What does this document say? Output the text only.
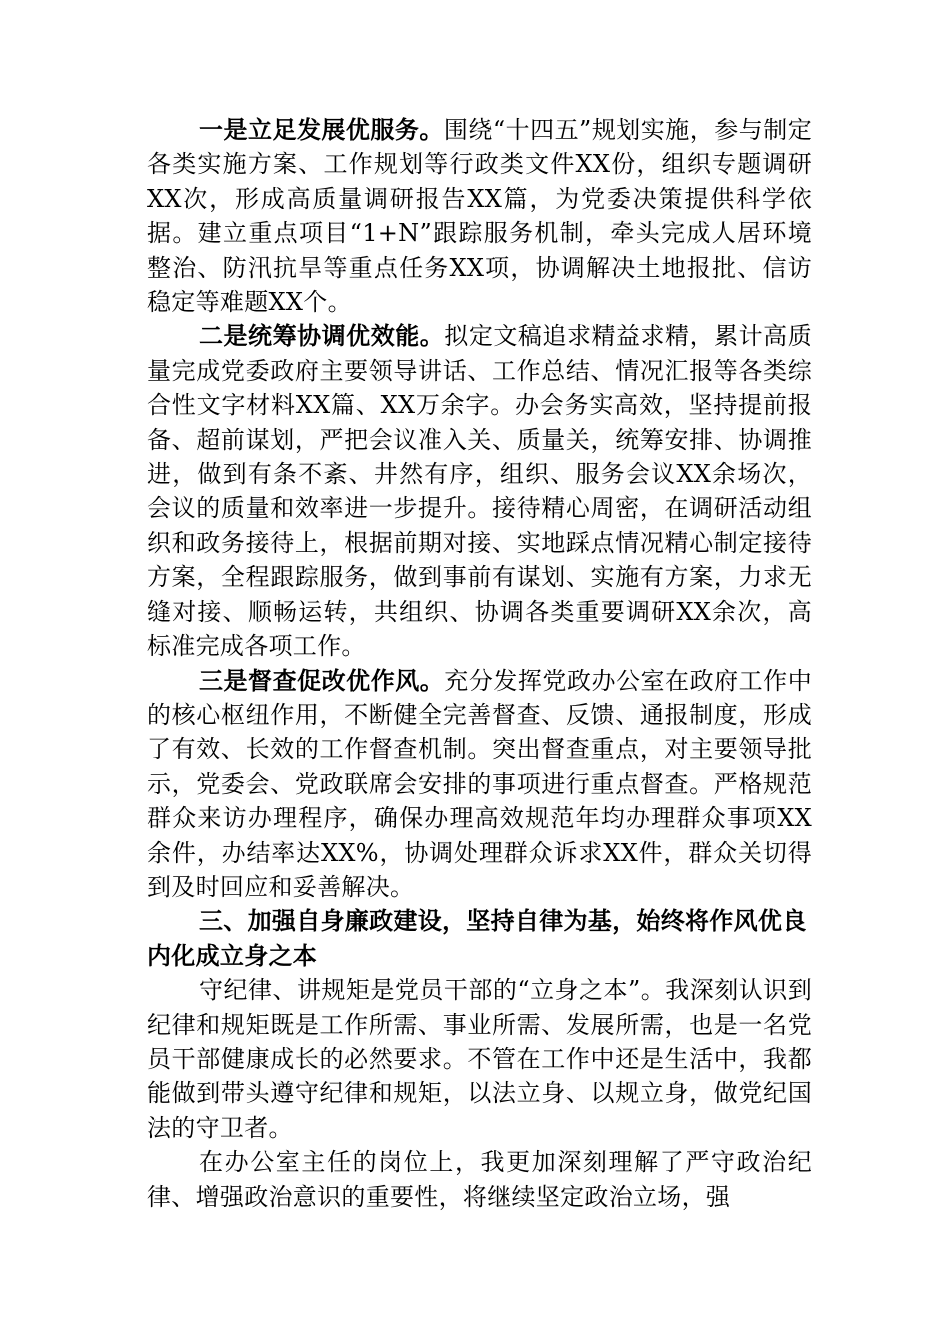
一是立足发展优服务。围绕“十四五”规划实施，参与制定各类实施方案、工作规划等行政类文件XX份，组织专题调研XX次，形成高质量调研报告XX篇，为党委决策提供科学依据。建立重点项目“1+N”跟踪服务机制，牵头完成人居环境整治、防汛抗旱等重点任务XX项，协调解决土地报批、信访稳定等难题XX个。

二是统筹协调优效能。拟定文稿追求精益求精，累计高质量完成党委政府主要领导讲话、工作总结、情况汇报等各类综合性文字材料XX篇、XX万余字。办会务实高效，坚持提前报备、超前谋划，严把会议准入关、质量关，统筹安排、协调推进，做到有条不紊、井然有序，组织、服务会议XX余场次，会议的质量和效率进一步提升。接待精心周密，在调研活动组织和政务接待上，根据前期对接、实地踩点情况精心制定接待方案，全程跟踪服务，做到事前有谋划、实施有方案，力求无缝对接、顺畅运转，共组织、协调各类重要调研XX余次，高标准完成各项工作。

三是督查促改优作风。充分发挥党政办公室在政府工作中的核心枢纽作用，不断健全完善督查、反馈、通报制度，形成了有效、长效的工作督查机制。突出督查重点，对主要领导批示，党委会、党政联席会安排的事项进行重点督查。严格规范群众来访办理程序，确保办理高效规范年均办理群众事项XX余件，办结率达XX%，协调处理群众诉求XX件，群众关切得到及时回应和妥善解决。

三、加强自身廉政建设，坚持自律为基，始终将作风优良内化成立身之本

守纪律、讲规矩是党员干部的“立身之本”。我深刻认识到纪律和规矩既是工作所需、事业所需、发展所需，也是一名党员干部健康成长的必然要求。不管在工作中还是生活中，我都能做到带头遵守纪律和规矩，以法立身、以规立身，做党纪国法的守卫者。

在办公室主任的岗位上，我更加深刻理解了严守政治纪律、增强政治意识的重要性，将继续坚定政治立场，强
